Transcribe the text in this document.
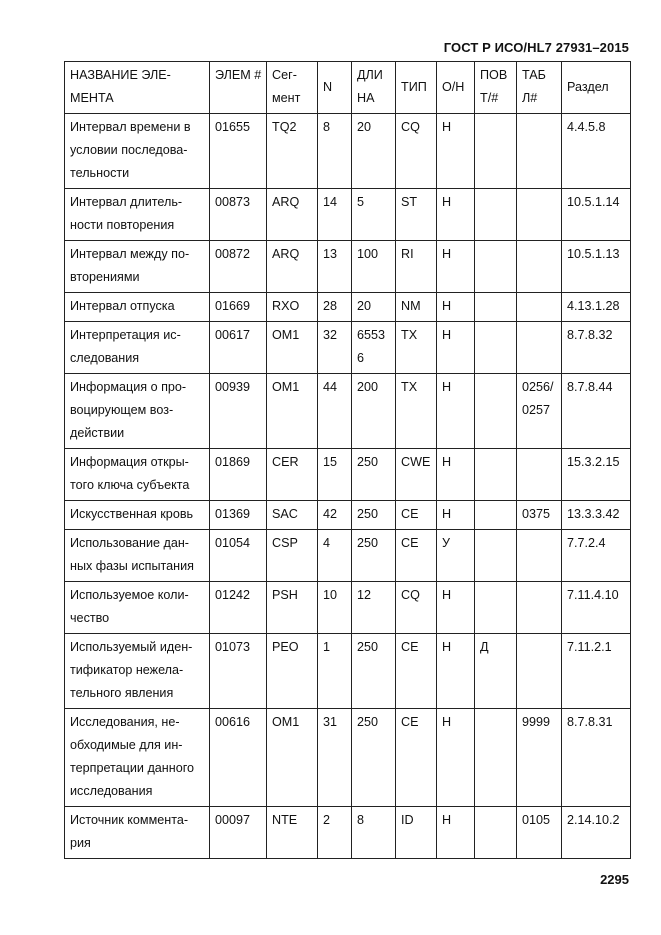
ГОСТ Р ИСО/HL7 27931–2015
НАЗВАНИЕ ЭЛЕ-МЕНТА	ЭЛЕМ #	Сег-мент	N	ДЛИ НА	ТИП	О/Н	ПОВ Т/#	ТАБ Л#	Раздел
Интервал времени в условии последова-тельности	01655	TQ2	8	20	CQ	Н			4.4.5.8
Интервал длитель-ности повторения	00873	ARQ	14	5	ST	Н			10.5.1.14
Интервал между по-вторениями	00872	ARQ	13	100	RI	Н			10.5.1.13
Интервал отпуска	01669	RXO	28	20	NM	Н			4.13.1.28
Интерпретация ис-следования	00617	OM1	32	65536	TX	Н			8.7.8.32
Информация о про-воцирующем воз-действии	00939	OM1	44	200	TX	Н		0256/0257	8.7.8.44
Информация откры-того ключа субъекта	01869	CER	15	250	CWE	Н			15.3.2.15
Искусственная кровь	01369	SAC	42	250	CE	Н		0375	13.3.3.42
Использование дан-ных фазы испытания	01054	CSP	4	250	CE	У			7.7.2.4
Используемое коли-чество	01242	PSH	10	12	CQ	Н			7.11.4.10
Используемый иден-тификатор нежела-тельного явления	01073	PEO	1	250	CE	Н	Д		7.11.2.1
Исследования, не-обходимые для ин-терпретации данного исследования	00616	OM1	31	250	CE	Н		9999	8.7.8.31
Источник коммента-рия	00097	NTE	2	8	ID	Н		0105	2.14.10.2
2295
